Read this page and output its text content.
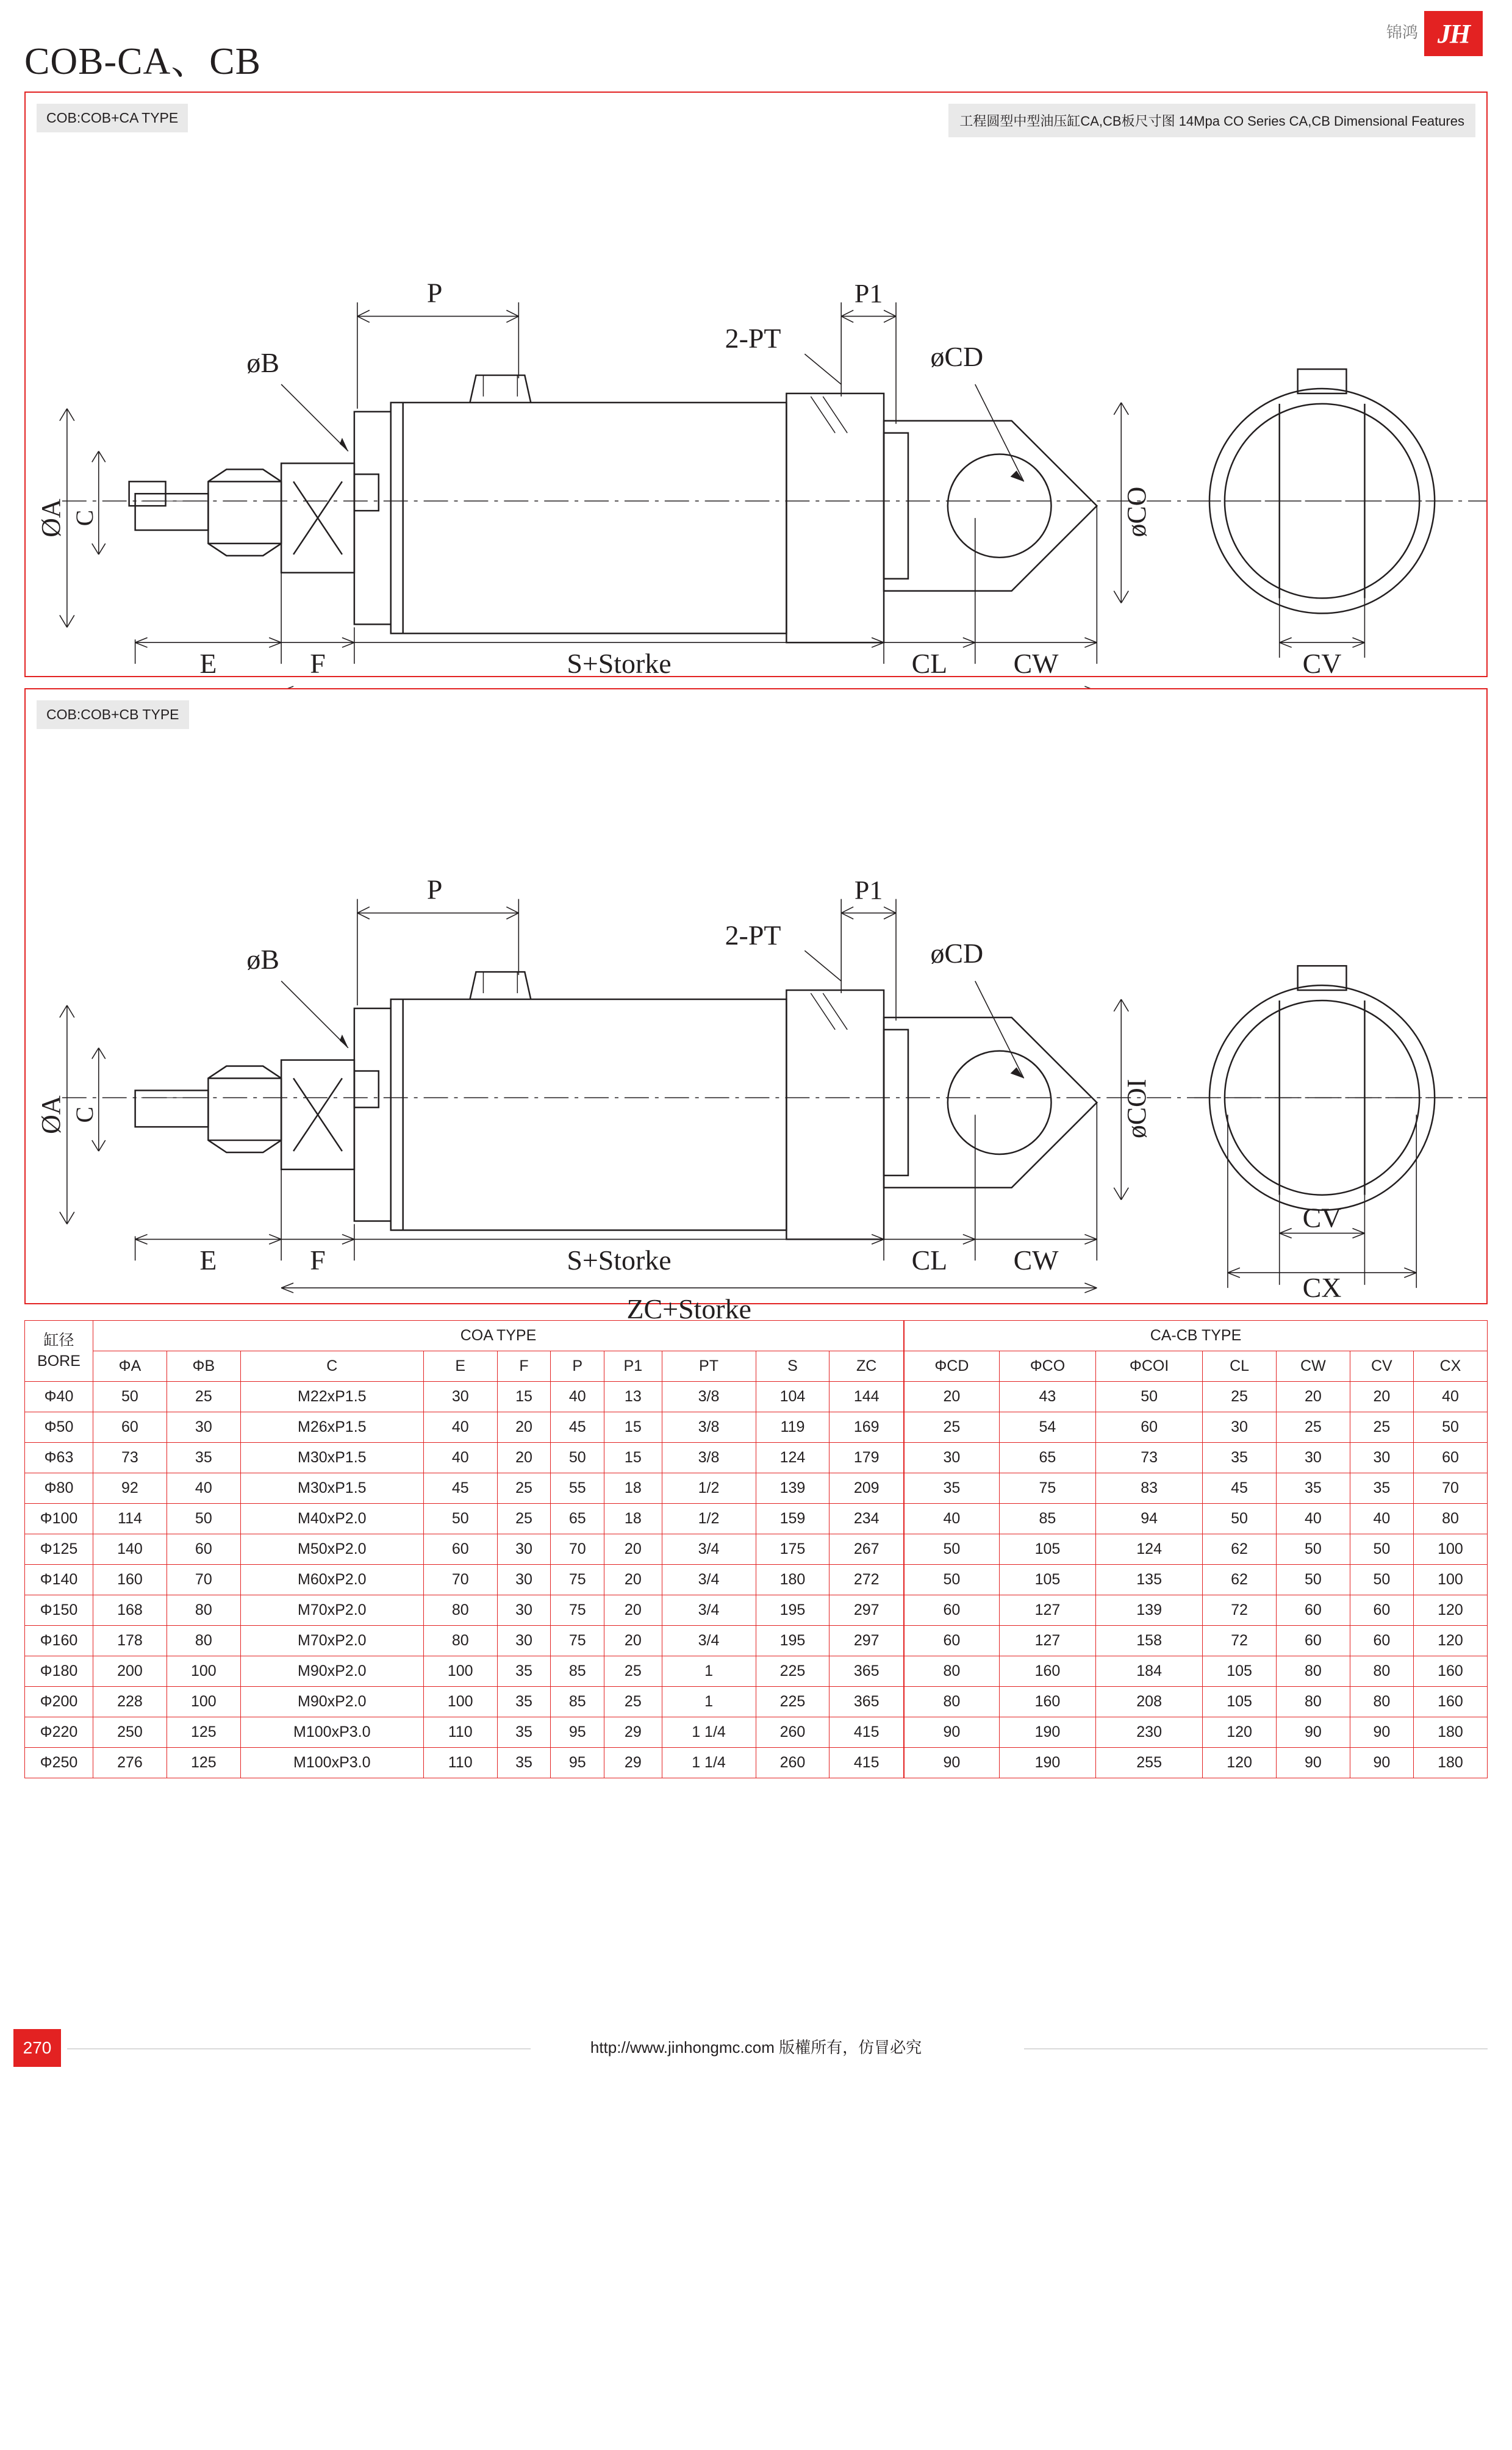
COB-CA、CB
锦鸿 JH
COB:COB+CA TYPE	工程圆型中型油压缸CA,CB板尺寸图 14Mpa CO Series CA,CB Dimensional Features
ØA C
P	P1
øB
2-PT
øCD
øCO
E	F	S+Storke	CL CW	CV
COB:COB+CB TYPE
ØA C
P	P1
øB
2-PT
øCD
øCOI
E	F	S+Storke	CL CW
ZC+Storke
CV
CX
缸径
BORE	COA TYPE										CA-CB TYPE						
	ΦA	ΦB	C	E	F	P	P1	PT	S	ZC	ΦCD	ΦCO	ΦCOI	CL	CW	CV	CX
Φ40	50	25	M22xP1.5	30	15	40	13	3/8	104	144	20	43	50	25	20	20	40
Φ50	60	30	M26xP1.5	40	20	45	15	3/8	119	169	25	54	60	30	25	25	50
Φ63	73	35	M30xP1.5	40	20	50	15	3/8	124	179	30	65	73	35	30	30	60
Φ80	92	40	M30xP1.5	45	25	55	18	1/2	139	209	35	75	83	45	35	35	70
Φ100	114	50	M40xP2.0	50	25	65	18	1/2	159	234	40	85	94	50	40	40	80
Φ125	140	60	M50xP2.0	60	30	70	20	3/4	175	267	50	105	124	62	50	50	100
Φ140	160	70	M60xP2.0	70	30	75	20	3/4	180	272	50	105	135	62	50	50	100
Φ150	168	80	M70xP2.0	80	30	75	20	3/4	195	297	60	127	139	72	60	60	120
Φ160	178	80	M70xP2.0	80	30	75	20	3/4	195	297	60	127	158	72	60	60	120
Φ180	200	100	M90xP2.0	100	35	85	25	1	225	365	80	160	184	105	80	80	160
Φ200	228	100	M90xP2.0	100	35	85	25	1	225	365	80	160	208	105	80	80	160
Φ220	250	125	M100xP3.0	110	35	95	29	1 1/4	260	415	90	190	230	120	90	90	180
Φ250	276	125	M100xP3.0	110	35	95	29	1 1/4	260	415	90	190	255	120	90	90	180
270	http://www.jinhongmc.com 版權所有，仿冒必究
